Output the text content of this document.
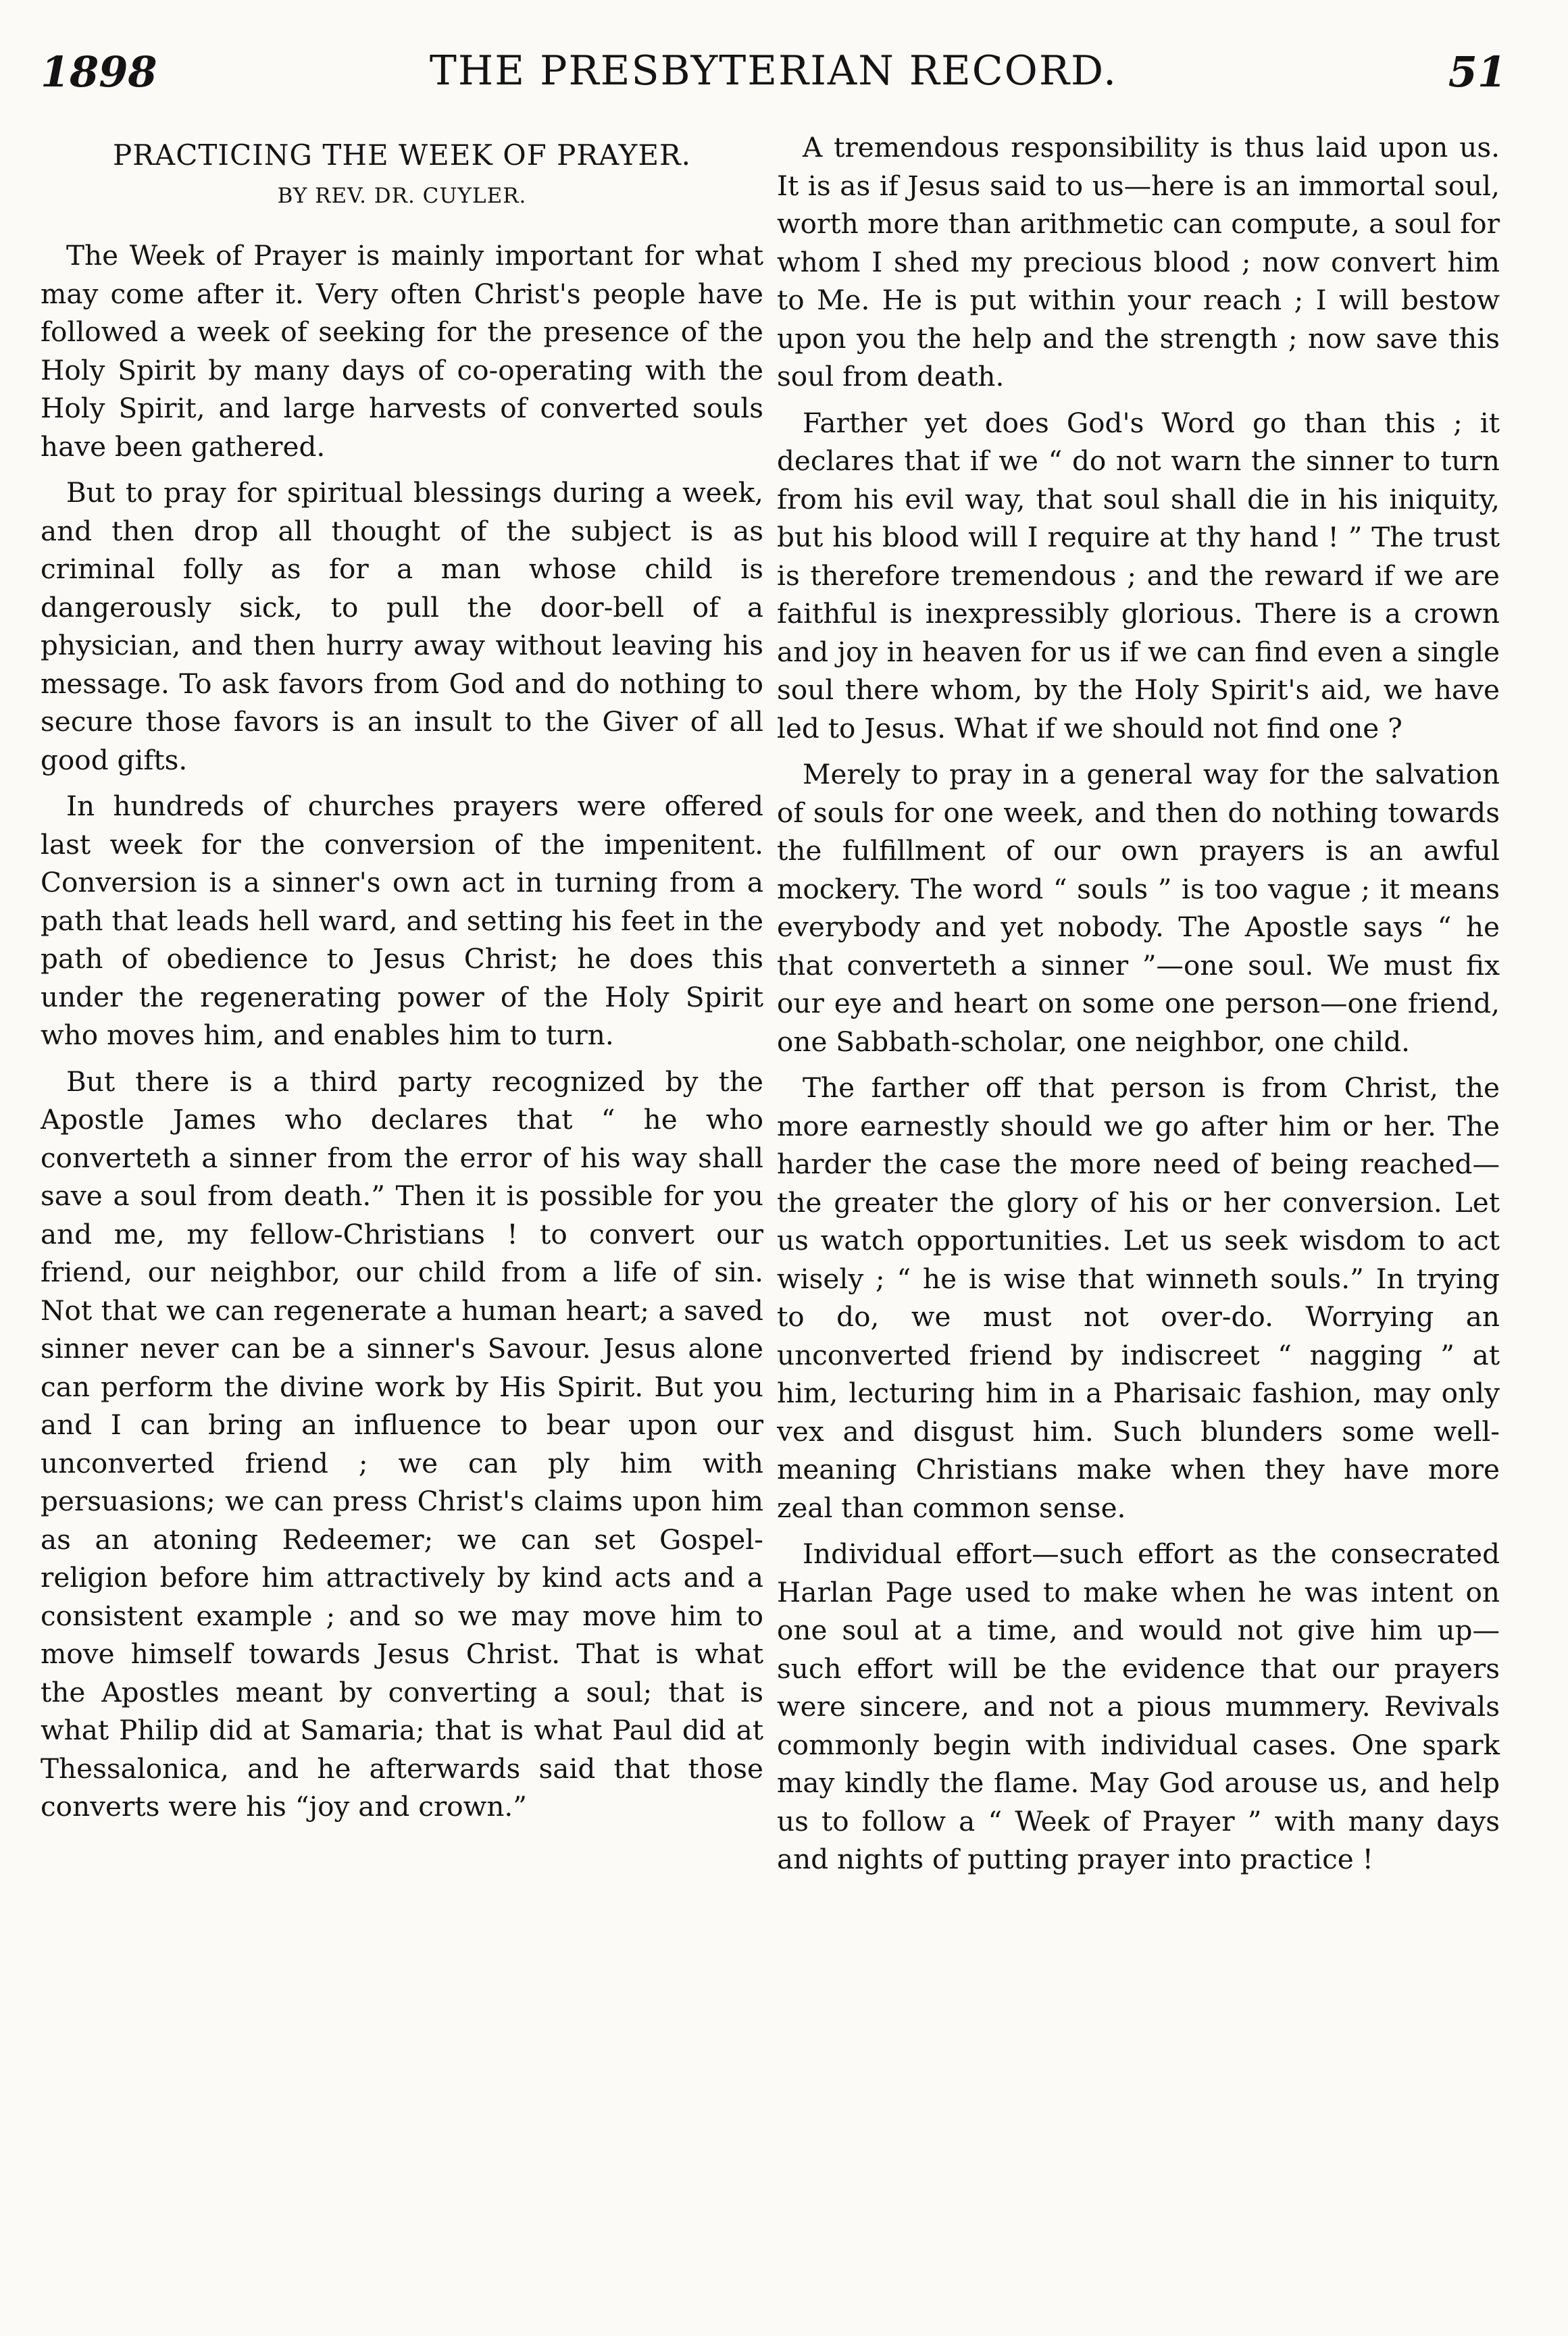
1898	THE PRESBYTERIAN RECORD.	51
PRACTICING THE WEEK OF PRAYER.
BY REV. DR. CUYLER.

The Week of Prayer is mainly important for what may come after it. Very often Christ's people have followed a week of seeking for the presence of the Holy Spirit by many days of co-operating with the Holy Spirit, and large harvests of converted souls have been gathered.

But to pray for spiritual blessings during a week, and then drop all thought of the subject is as criminal folly as for a man whose child is dangerously sick, to pull the door-bell of a physician, and then hurry away without leaving his message. To ask favors from God and do nothing to secure those favors is an insult to the Giver of all good gifts.

In hundreds of churches prayers were offered last week for the conversion of the impenitent. Conversion is a sinner's own act in turning from a path that leads hell ward, and setting his feet in the path of obedience to Jesus Christ; he does this under the regenerating power of the Holy Spirit who moves him, and enables him to turn.

But there is a third party recognized by the Apostle James who declares that “ he who converteth a sinner from the error of his way shall save a soul from death.” Then it is possible for you and me, my fellow-Christians ! to convert our friend, our neighbor, our child from a life of sin. Not that we can regenerate a human heart; a saved sinner never can be a sinner's Savour. Jesus alone can perform the divine work by His Spirit. But you and I can bring an influence to bear upon our unconverted friend ; we can ply him with persuasions; we can press Christ's claims upon him as an atoning Redeemer; we can set Gospel-religion before him attractively by kind acts and a consistent example ; and so we may move him to move himself towards Jesus Christ. That is what the Apostles meant by converting a soul; that is what Philip did at Samaria; that is what Paul did at Thessalonica, and he afterwards said that those converts were his “joy and crown.”

A tremendous responsibility is thus laid upon us. It is as if Jesus said to us—here is an immortal soul, worth more than arithmetic can compute, a soul for whom I shed my precious blood ; now convert him to Me. He is put within your reach ; I will bestow upon you the help and the strength ; now save this soul from death.

Farther yet does God's Word go than this ; it declares that if we “ do not warn the sinner to turn from his evil way, that soul shall die in his iniquity, but his blood will I require at thy hand ! ” The trust is therefore tremendous ; and the reward if we are faithful is inexpressibly glorious. There is a crown and joy in heaven for us if we can find even a single soul there whom, by the Holy Spirit's aid, we have led to Jesus. What if we should not find one ?

Merely to pray in a general way for the salvation of souls for one week, and then do nothing towards the fulfillment of our own prayers is an awful mockery. The word “ souls ” is too vague ; it means everybody and yet nobody. The Apostle says “ he that converteth a sinner ”—one soul. We must fix our eye and heart on some one person—one friend, one Sabbath-scholar, one neighbor, one child.

The farther off that person is from Christ, the more earnestly should we go after him or her. The harder the case the more need of being reached—the greater the glory of his or her conversion. Let us watch opportunities. Let us seek wisdom to act wisely ; “ he is wise that winneth souls.” In trying to do, we must not over-do. Worrying an unconverted friend by indiscreet “ nagging ” at him, lecturing him in a Pharisaic fashion, may only vex and disgust him. Such blunders some well-meaning Christians make when they have more zeal than common sense.

Individual effort—such effort as the consecrated Harlan Page used to make when he was intent on one soul at a time, and would not give him up—such effort will be the evidence that our prayers were sincere, and not a pious mummery. Revivals commonly begin with individual cases. One spark may kindly the flame. May God arouse us, and help us to follow a “ Week of Prayer ” with many days and nights of putting prayer into practice !
